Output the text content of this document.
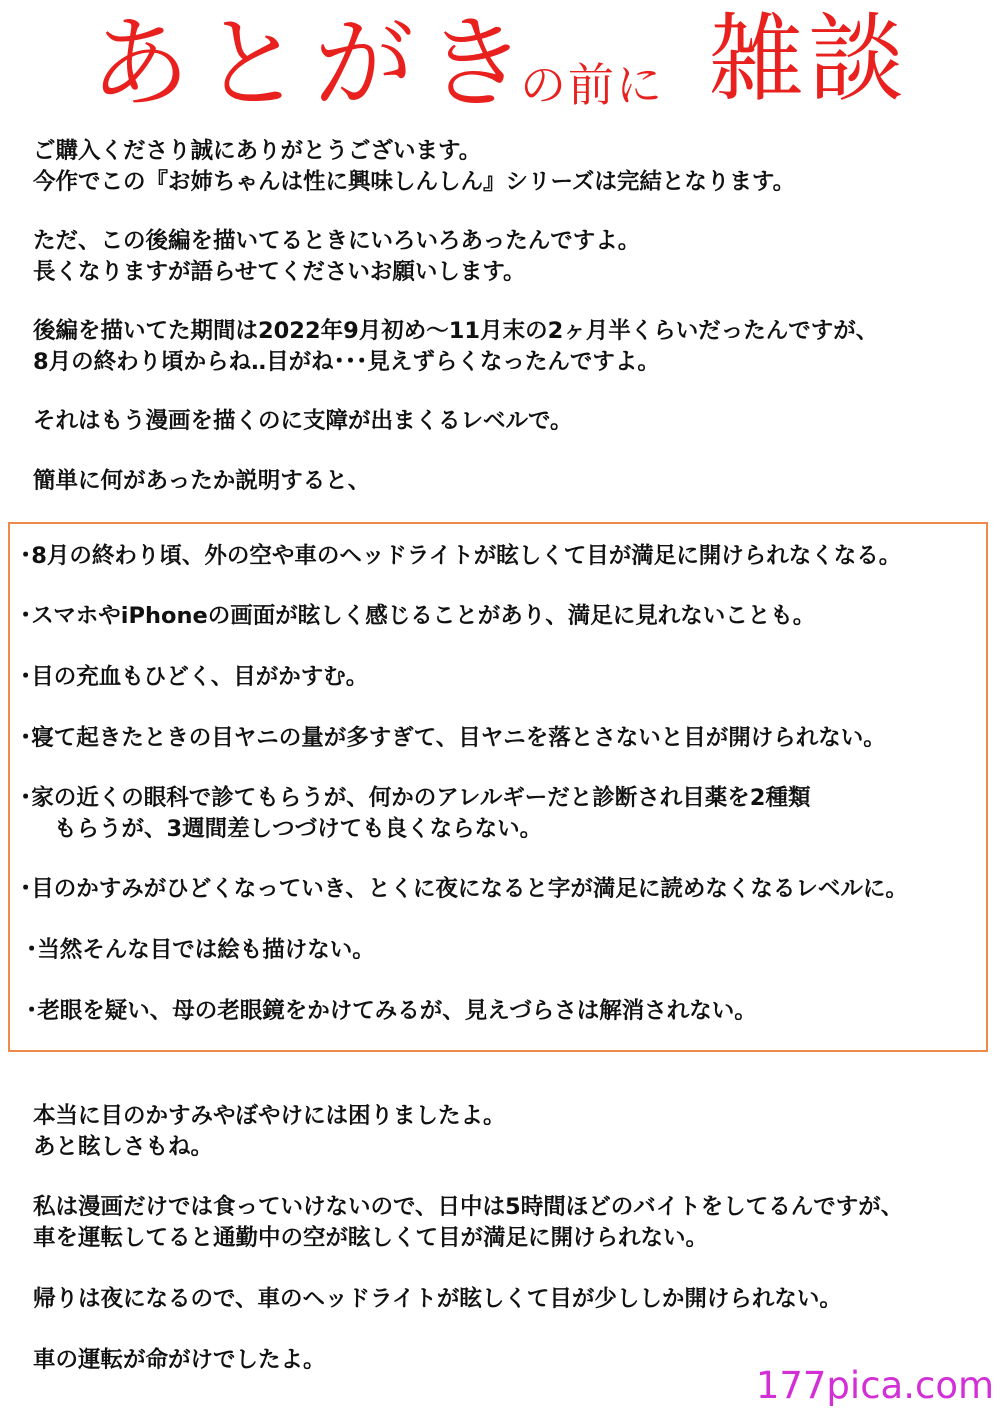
あとがき
の前に 雑談

ご購入くださり誠にありがとうございます。
今作でこの『お姉ちゃんは性に興味しんしん』シリーズは完結となります。

ただ、この後編を描いてるときにいろいろあったんですよ。
長くなりますが語らせてくださいお願いします。

後編を描いてた期間は2022年9月初め～11月末の2ヶ月半くらいだったんですが、
8月の終わり頃からね‥目がね･･･見えずらくなったんですよ。

それはもう漫画を描くのに支障が出まくるレベルで。

簡単に何があったか説明すると、

･8月の終わり頃、外の空や車のヘッドライトが眩しくて目が満足に開けられなくなる。

･スマホやiPhoneの画面が眩しく感じることがあり、満足に見れないことも。

･目の充血もひどく、目がかすむ。

･寝て起きたときの目ヤニの量が多すぎて、目ヤニを落とさないと目が開けられない。

･家の近くの眼科で診てもらうが、何かのアレルギーだと診断され目薬を2種類
もらうが、3週間差しつづけても良くならない。

･目のかすみがひどくなっていき、とくに夜になると字が満足に読めなくなるレベルに。

･当然そんな目では絵も描けない。

･老眼を疑い、母の老眼鏡をかけてみるが、見えづらさは解消されない。

本当に目のかすみやぼやけには困りましたよ。
あと眩しさもね。

私は漫画だけでは食っていけないので、日中は5時間ほどのバイトをしてるんですが、
車を運転してると通勤中の空が眩しくて目が満足に開けられない。

帰りは夜になるので、車のヘッドライトが眩しくて目が少ししか開けられない。

車の運転が命がけでしたよ。

177pica.com
